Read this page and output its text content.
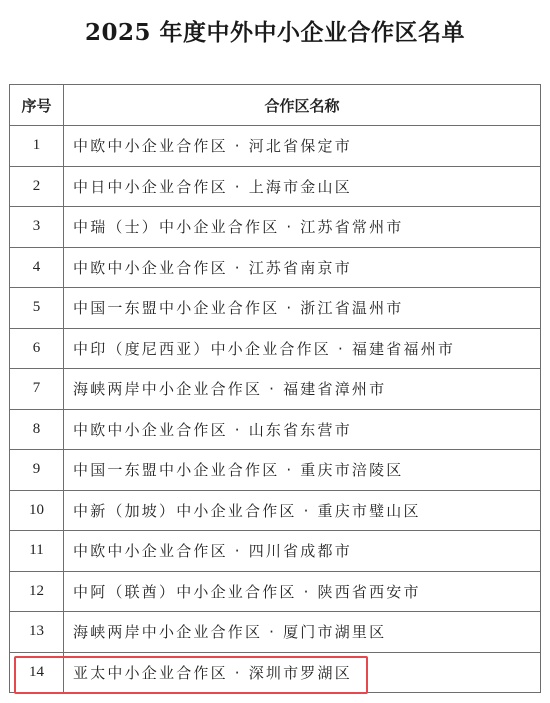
2025 年度中外中小企业合作区名单
序号	合作区名称
1	中欧中小企业合作区 · 河北省保定市
2	中日中小企业合作区 · 上海市金山区
3	中瑞（士）中小企业合作区 · 江苏省常州市
4	中欧中小企业合作区 · 江苏省南京市
5	中国一东盟中小企业合作区 · 浙江省温州市
6	中印（度尼西亚）中小企业合作区 · 福建省福州市
7	海峡两岸中小企业合作区 · 福建省漳州市
8	中欧中小企业合作区 · 山东省东营市
9	中国一东盟中小企业合作区 · 重庆市涪陵区
10	中新（加坡）中小企业合作区 · 重庆市璧山区
11	中欧中小企业合作区 · 四川省成都市
12	中阿（联酋）中小企业合作区 · 陕西省西安市
13	海峡两岸中小企业合作区 · 厦门市湖里区
14	亚太中小企业合作区 · 深圳市罗湖区
